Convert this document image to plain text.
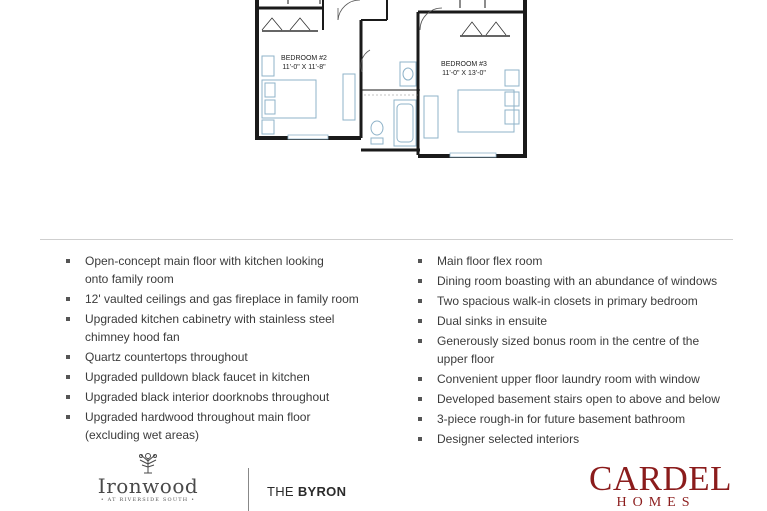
BEDROOM #2
11'-0" X 11'-8"	BEDROOM #3
11'-0" X 13'-0"
Open-concept main floor with kitchen looking
onto family room
12' vaulted ceilings and gas fireplace in family room
Upgraded kitchen cabinetry with stainless steel
chimney hood fan
Quartz countertops throughout
Upgraded pulldown black faucet in kitchen
Upgraded black interior doorknobs throughout
Upgraded hardwood throughout main floor
(excluding wet areas)
Main floor flex room
Dining room boasting with an abundance of windows
Two spacious walk-in closets in primary bedroom
Dual sinks in ensuite
Generously sized bonus room in the centre of the
upper floor
Convenient upper floor laundry room with window
Developed basement stairs open to above and below
3-piece rough-in for future basement bathroom
Designer selected interiors
Ironwood
• AT RIVERSIDE SOUTH •
THE BYRON	CARDEL
HOMES
